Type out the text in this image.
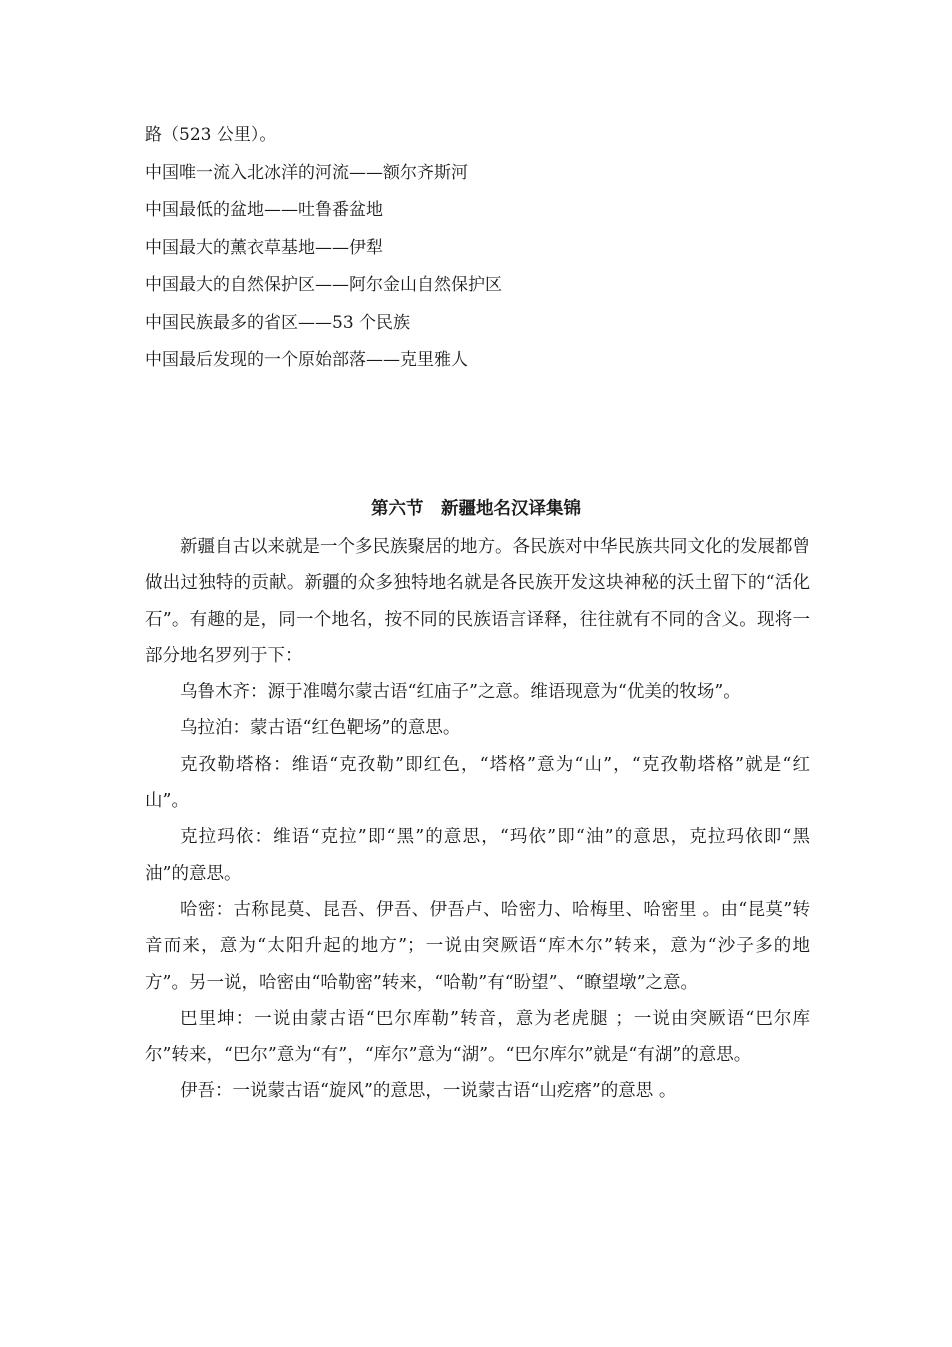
路（523 公里）。
中国唯一流入北冰洋的河流——额尔齐斯河
中国最低的盆地——吐鲁番盆地
中国最大的薰衣草基地——伊犁
中国最大的自然保护区——阿尔金山自然保护区
中国民族最多的省区——53 个民族
中国最后发现的一个原始部落——克里雅人
第六节　新疆地名汉译集锦

新疆自古以来就是一个多民族聚居的地方。各民族对中华民族共同文化的发展都曾做出过独特的贡献。新疆的众多独特地名就是各民族开发这块神秘的沃土留下的“活化石”。有趣的是，同一个地名，按不同的民族语言译释，往往就有不同的含义。现将一部分地名罗列于下：

乌鲁木齐：源于准噶尔蒙古语“红庙子”之意。维语现意为“优美的牧场”。

乌拉泊：蒙古语“红色靶场”的意思。

克孜勒塔格：维语“克孜勒”即红色，“塔格”意为“山”，“克孜勒塔格”就是“红山”。

克拉玛依：维语“克拉”即“黑”的意思，“玛依”即“油”的意思，克拉玛依即“黑油”的意思。

哈密：古称昆莫、昆吾、伊吾、伊吾卢、哈密力、哈梅里、哈密里 。由“昆莫”转音而来，意为“太阳升起的地方”；一说由突厥语“库木尔”转来，意为“沙子多的地方”。另一说，哈密由“哈勒密”转来，“哈勒”有“盼望”、“瞭望墩”之意。

巴里坤：一说由蒙古语“巴尔库勒”转音，意为老虎腿 ；一说由突厥语“巴尔库尔”转来，“巴尔”意为“有”，“库尔”意为“湖”。“巴尔库尔”就是“有湖”的意思。

伊吾：一说蒙古语“旋风”的意思，一说蒙古语“山疙瘩”的意思 。
